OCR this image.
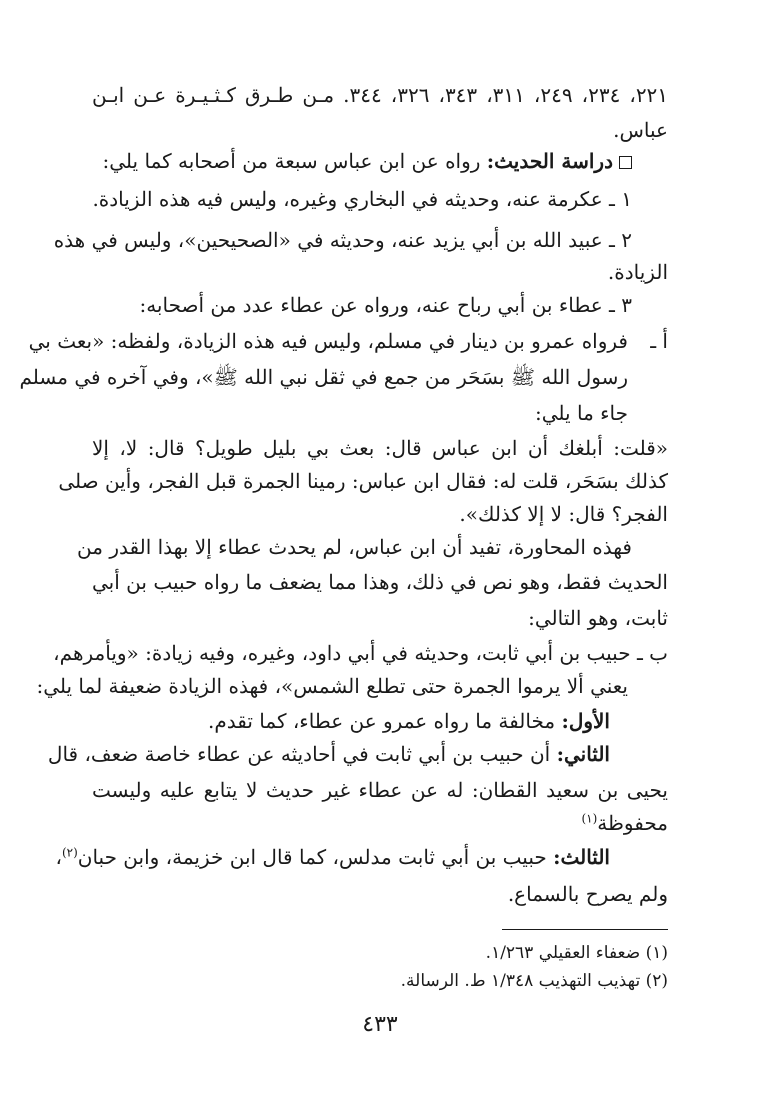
٢٢١، ٢٣٤، ٢٤٩، ٣١١، ٣٤٣، ٣٢٦، ٣٤٤. مـن طـرق كـثـيـرة عـن ابـن
عباس.
دراسة الحديث: رواه عن ابن عباس سبعة من أصحابه كما يلي:
١ ـ عكرمة عنه، وحديثه في البخاري وغيره، وليس فيه هذه الزيادة.
٢ ـ عبيد الله بن أبي يزيد عنه، وحديثه في «الصحيحين»، وليس في هذه
الزيادة.
٣ ـ عطاء بن أبي رباح عنه، ورواه عن عطاء عدد من أصحابه:
أ ـ
فرواه عمرو بن دينار في مسلم، وليس فيه هذه الزيادة، ولفظه: «بعث بي
رسول الله ﷺ بسَحَر من جمع في ثقل نبي الله ﷺ»، وفي آخره في مسلم
جاء ما يلي:
«قلت: أبلغك أن ابن عباس قال: بعث بي بليل طويل؟ قال: لا، إلا
كذلك بسَحَر، قلت له: فقال ابن عباس: رمينا الجمرة قبل الفجر، وأين صلى
الفجر؟ قال: لا إلا كذلك».
فهذه المحاورة، تفيد أن ابن عباس، لم يحدث عطاء إلا بهذا القدر من
الحديث فقط، وهو نص في ذلك، وهذا مما يضعف ما رواه حبيب بن أبي
ثابت، وهو التالي:
ب ـ حبيب بن أبي ثابت، وحديثه في أبي داود، وغيره، وفيه زيادة: «ويأمرهم،
يعني ألا يرموا الجمرة حتى تطلع الشمس»، فهذه الزيادة ضعيفة لما يلي:
الأول: مخالفة ما رواه عمرو عن عطاء، كما تقدم.
الثاني: أن حبيب بن أبي ثابت في أحاديثه عن عطاء خاصة ضعف، قال
يحيى بن سعيد القطان: له عن عطاء غير حديث لا يتابع عليه وليست
محفوظة$^{(١)}$
الثالث: حبيب بن أبي ثابت مدلس، كما قال ابن خزيمة، وابن حبان$^{(٢)}$،
ولم يصرح بالسماع.
(١) ضعفاء العقيلي ١/٢٦٣.
(٢) تهذيب التهذيب ١/٣٤٨ ط. الرسالة.
٤٣٣
